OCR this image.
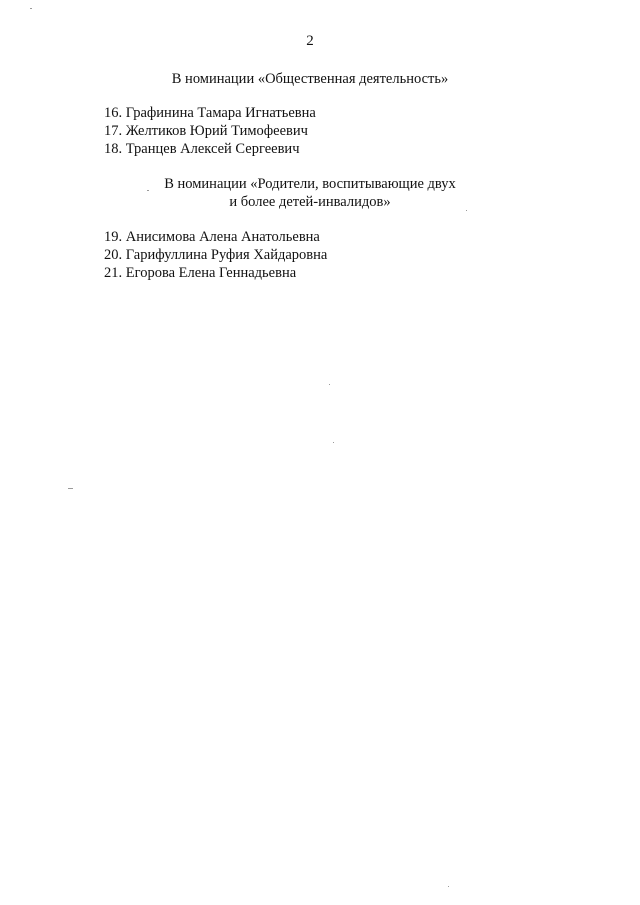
2
В номинации «Общественная деятельность»
16. Графинина Тамара Игнатьевна
17. Желтиков Юрий Тимофеевич
18. Транцев Алексей Сергеевич
В номинации «Родители, воспитывающие двух
и более детей-инвалидов»
19. Анисимова Алена Анатольевна
20. Гарифуллина Руфия Хайдаровна
21. Егорова Елена Геннадьевна
